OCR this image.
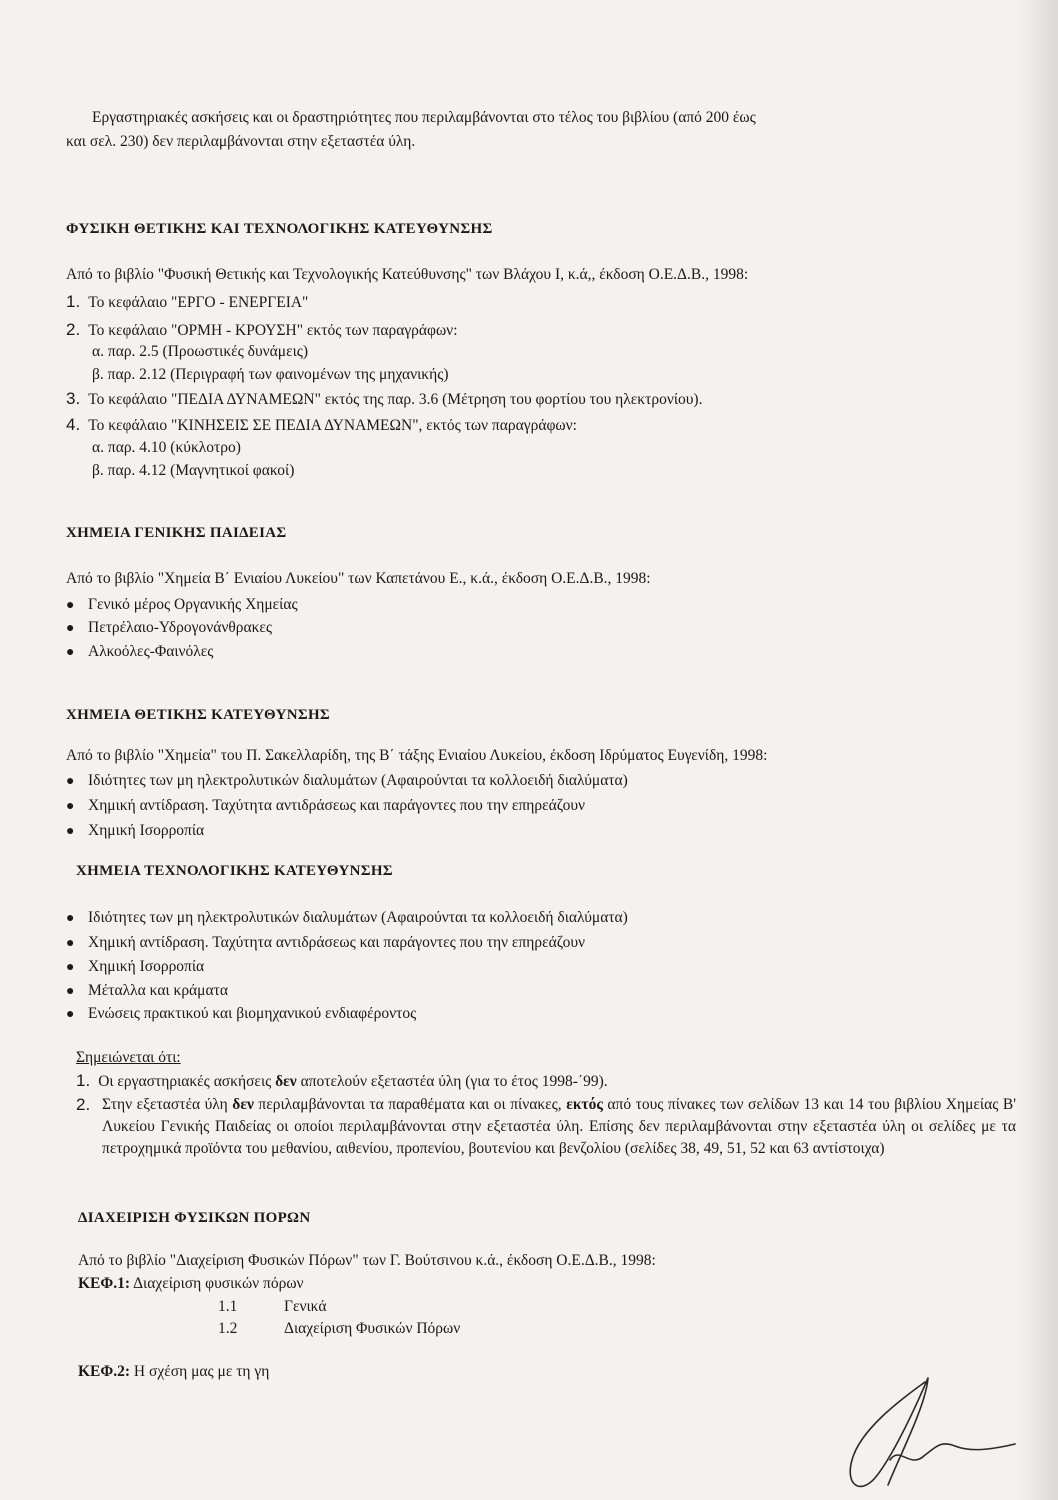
Εργαστηριακές ασκήσεις και οι δραστηριότητες που περιλαμβάνονται στο τέλος του βιβλίου (από 200 έως
και σελ. 230) δεν περιλαμβάνονται στην εξεταστέα ύλη.
ΦΥΣΙΚΗ ΘΕΤΙΚΗΣ ΚΑΙ ΤΕΧΝΟΛΟΓΙΚΗΣ ΚΑΤΕΥΘΥΝΣΗΣ
Από το βιβλίο "Φυσική Θετικής και Τεχνολογικής Κατεύθυνσης" των Βλάχου Ι, κ.ά,, έκδοση Ο.Ε.Δ.Β., 1998:
1. Το κεφάλαιο "ΕΡΓΟ - ΕΝΕΡΓΕΙΑ"
2. Το κεφάλαιο "ΟΡΜΗ - ΚΡΟΥΣΗ" εκτός των παραγράφων:
α. παρ. 2.5 (Προωστικές δυνάμεις)
β. παρ. 2.12 (Περιγραφή των φαινομένων της μηχανικής)
3. Το κεφάλαιο "ΠΕΔΙΑ ΔΥΝΑΜΕΩΝ" εκτός της παρ. 3.6 (Μέτρηση του φορτίου του ηλεκτρονίου).
4. Το κεφάλαιο "ΚΙΝΗΣΕΙΣ ΣΕ ΠΕΔΙΑ ΔΥΝΑΜΕΩΝ", εκτός των παραγράφων:
α. παρ. 4.10 (κύκλοτρο)
β. παρ. 4.12 (Μαγνητικοί φακοί)
ΧΗΜΕΙΑ ΓΕΝΙΚΗΣ ΠΑΙΔΕΙΑΣ
Από το βιβλίο "Χημεία Β΄ Ενιαίου Λυκείου" των Καπετάνου Ε., κ.ά., έκδοση Ο.Ε.Δ.Β., 1998:
● Γενικό μέρος Οργανικής Χημείας
● Πετρέλαιο-Υδρογονάνθρακες
● Αλκοόλες-Φαινόλες
ΧΗΜΕΙΑ ΘΕΤΙΚΗΣ ΚΑΤΕΥΘΥΝΣΗΣ
Από το βιβλίο "Χημεία" του Π. Σακελλαρίδη, της Β΄ τάξης Ενιαίου Λυκείου, έκδοση Ιδρύματος Ευγενίδη, 1998:
● Ιδιότητες των μη ηλεκτρολυτικών διαλυμάτων (Αφαιρούνται τα κολλοειδή διαλύματα)
● Χημική αντίδραση. Ταχύτητα αντιδράσεως και παράγοντες που την επηρεάζουν
● Χημική Ισορροπία
ΧΗΜΕΙΑ ΤΕΧΝΟΛΟΓΙΚΗΣ ΚΑΤΕΥΘΥΝΣΗΣ
● Ιδιότητες των μη ηλεκτρολυτικών διαλυμάτων (Αφαιρούνται τα κολλοειδή διαλύματα)
● Χημική αντίδραση. Ταχύτητα αντιδράσεως και παράγοντες που την επηρεάζουν
● Χημική Ισορροπία
● Μέταλλα και κράματα
● Ενώσεις πρακτικού και βιομηχανικού ενδιαφέροντος
Σημειώνεται ότι:
1. Οι εργαστηριακές ασκήσεις δεν αποτελούν εξεταστέα ύλη (για το έτος 1998-΄99).
2. Στην εξεταστέα ύλη δεν περιλαμβάνονται τα παραθέματα και οι πίνακες, εκτός από τους πίνακες των σελίδων 13 και 14 του βιβλίου Χημείας Β' Λυκείου Γενικής Παιδείας οι οποίοι περιλαμβάνονται στην εξεταστέα ύλη. Επίσης δεν περιλαμβάνονται στην εξεταστέα ύλη οι σελίδες με τα πετροχημικά προϊόντα του μεθανίου, αιθενίου, προπενίου, βουτενίου και βενζολίου (σελίδες 38, 49, 51, 52 και 63 αντίστοιχα)
ΔΙΑΧΕΙΡΙΣΗ ΦΥΣΙΚΩΝ ΠΟΡΩΝ
Από το βιβλίο "Διαχείριση Φυσικών Πόρων" των Γ. Βούτσινου κ.ά., έκδοση Ο.Ε.Δ.Β., 1998:
ΚΕΦ.1: Διαχείριση φυσικών πόρων
1.1	Γενικά
1.2	Διαχείριση Φυσικών Πόρων
ΚΕΦ.2: Η σχέση μας με τη γη
